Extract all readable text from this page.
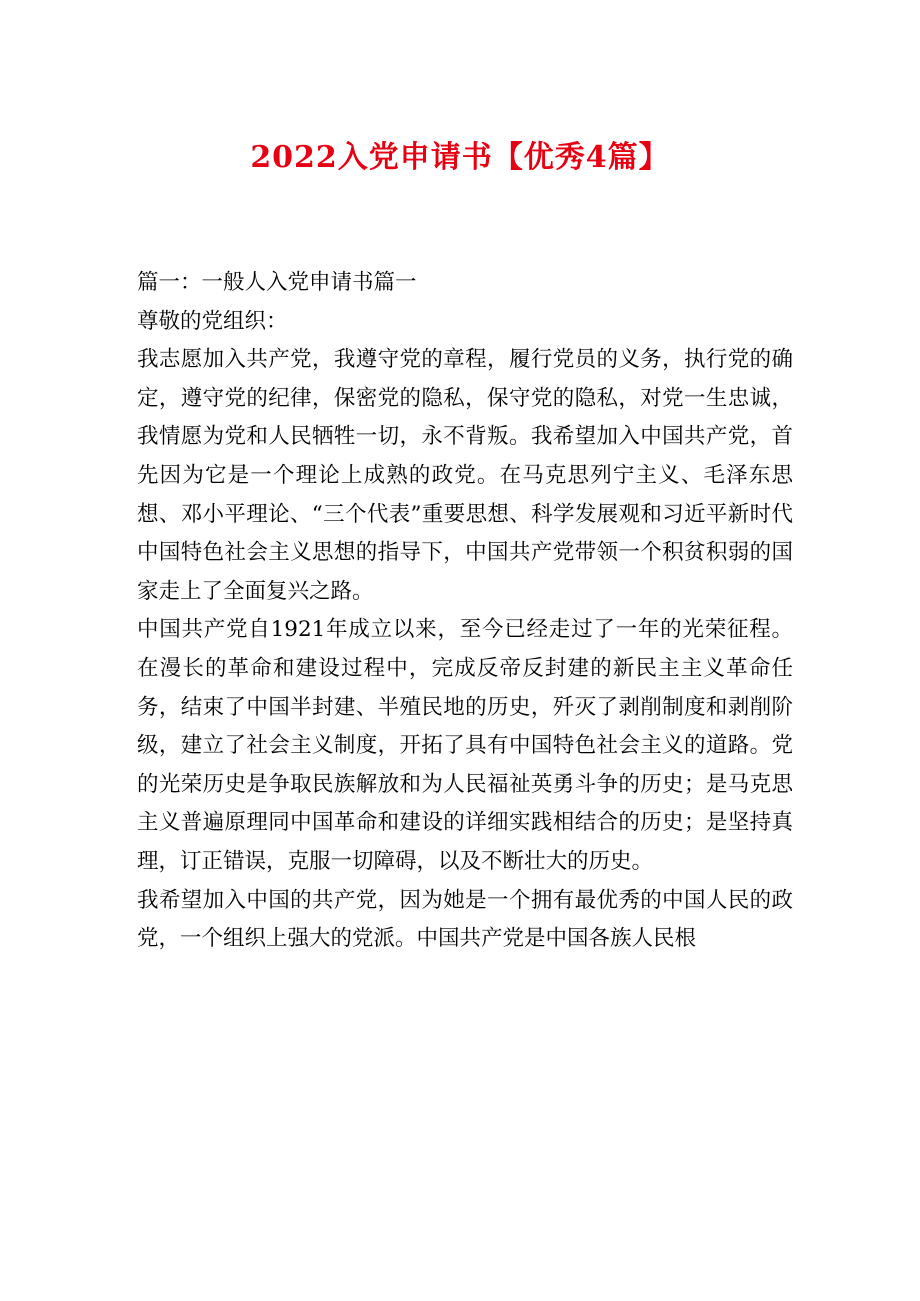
2022入党申请书【优秀4篇】

篇一：一般人入党申请书篇一

尊敬的党组织：

我志愿加入共产党，我遵守党的章程，履行党员的义务，执行党的确定，遵守党的纪律，保密党的隐私，保守党的隐私，对党一生忠诚，我情愿为党和人民牺牲一切，永不背叛。我希望加入中国共产党，首先因为它是一个理论上成熟的政党。在马克思列宁主义、毛泽东思想、邓小平理论、“三个代表”重要思想、科学发展观和习近平新时代中国特色社会主义思想的指导下，中国共产党带领一个积贫积弱的国家走上了全面复兴之路。

中国共产党自1921年成立以来，至今已经走过了一年的光荣征程。在漫长的革命和建设过程中，完成反帝反封建的新民主主义革命任务，结束了中国半封建、半殖民地的历史，歼灭了剥削制度和剥削阶级，建立了社会主义制度，开拓了具有中国特色社会主义的道路。党的光荣历史是争取民族解放和为人民福祉英勇斗争的历史；是马克思主义普遍原理同中国革命和建设的详细实践相结合的历史；是坚持真理，订正错误，克服一切障碍，以及不断壮大的历史。

我希望加入中国的共产党，因为她是一个拥有最优秀的中国人民的政党，一个组织上强大的党派。中国共产党是中国各族人民根
